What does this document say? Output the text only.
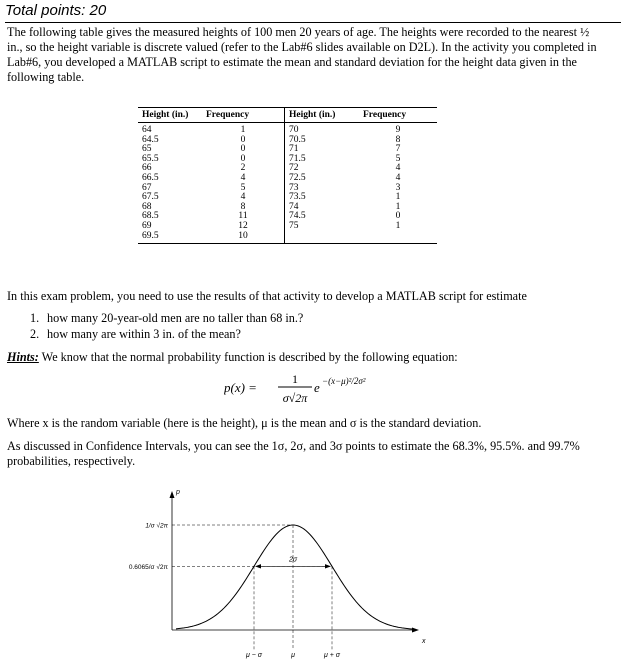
Total points: 20
The following table gives the measured heights of 100 men 20 years of age. The heights were recorded to the nearest ½
in., so the height variable is discrete valued (refer to the Lab#6 slides available on D2L). In the activity you completed in
Lab#6, you developed a MATLAB script to estimate the mean and standard deviation for the height data given in the
following table.
Height (in.)	Frequency	Height (in.)	Frequency
64	1	70	9
64.5	0	70.5	8
65	0	71	7
65.5	0	71.5	5
66	2	72	4
66.5	4	72.5	4
67	5	73	3
67.5	4	73.5	1
68	8	74	1
68.5	11	74.5	0
69	12	75	1
69.5	10		
In this exam problem, you need to use the results of that activity to develop a MATLAB script for estimate
1. how many 20-year-old men are no taller than 68 in.?
2. how many are within 3 in. of the mean?
Hints: We know that the normal probability function is described by the following equation:
p(x) =
1
σ√2π
e −(x−μ)²/2σ²
Where x is the random variable (here is the height), μ is the mean and σ is the standard deviation.
As discussed in Confidence Intervals, you can see the 1σ, 2σ, and 3σ points to estimate the 68.3%, 95.5%. and 99.7%
probabilities, respectively.
p
x
2σ
1/σ √2π
0.6065/σ √2π
μ − σ	μ	μ + σ
